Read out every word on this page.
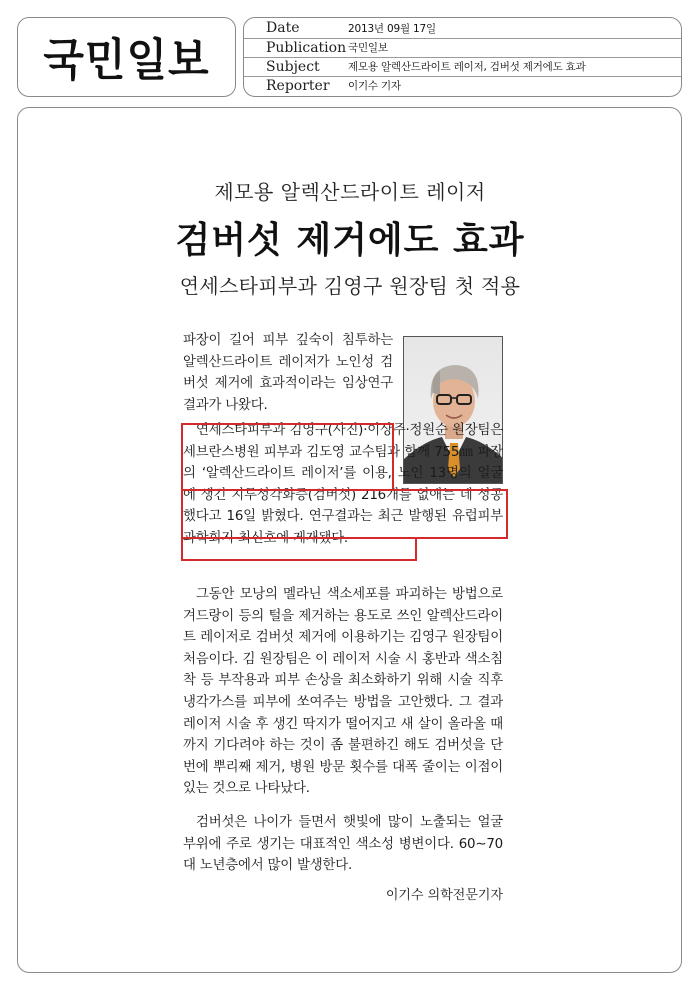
국민일보
Date	2013년 09월 17일
Publication 국민일보
Subject	제모용 알렉산드라이트 레이저, 검버섯 제거에도 효과
Reporter	이기수 기자
제모용 알렉산드라이트 레이저
검버섯 제거에도 효과
연세스타피부과 김영구 원장팀 첫 적용

파장이 길어 피부 깊숙이 침투하는 알렉산드라이트 레이저가 노인성 검버섯 제거에 효과적이라는 임상연구결과가 나왔다.

연세스타피부과 김영구(사진)·이상주·정원순 원장팀은 세브란스병원 피부과 김도영 교수팀과 함께 755㎚ 파장의 ‘알렉산드라이트 레이저’를 이용, 노인 13명의 얼굴에 생긴 지루성각화증(검버섯) 216개를 없애는 데 성공했다고 16일 밝혔다. 연구결과는 최근 발행된 유럽피부과학회지 최신호에 게재됐다.

그동안 모낭의 멜라닌 색소세포를 파괴하는 방법으로 겨드랑이 등의 털을 제거하는 용도로 쓰인 알렉산드라이트 레이저로 검버섯 제거에 이용하기는 김영구 원장팀이 처음이다. 김 원장팀은 이 레이저 시술 시 홍반과 색소침착 등 부작용과 피부 손상을 최소화하기 위해 시술 직후 냉각가스를 피부에 쏘여주는 방법을 고안했다. 그 결과 레이저 시술 후 생긴 딱지가 떨어지고 새 살이 올라올 때까지 기다려야 하는 것이 좀 불편하긴 해도 검버섯을 단번에 뿌리째 제거, 병원 방문 횟수를 대폭 줄이는 이점이 있는 것으로 나타났다.

검버섯은 나이가 들면서 햇빛에 많이 노출되는 얼굴 부위에 주로 생기는 대표적인 색소성 병변이다. 60∼70대 노년층에서 많이 발생한다.

이기수 의학전문기자
